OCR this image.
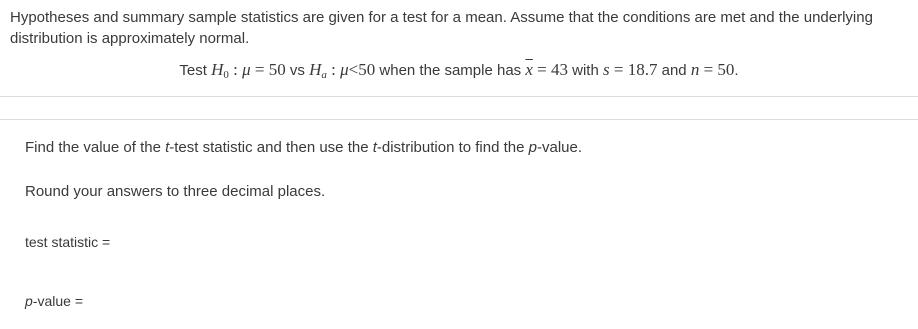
Hypotheses and summary sample statistics are given for a test for a mean. Assume that the conditions are met and the underlying distribution is approximately normal.
Test $H_0$ : μ = 50 vs $H_a$ : μ<50 when the sample has $\overline{x} = 43$ with s = 18.7 and n = 50.
Find the value of the t-test statistic and then use the t-distribution to find the p-value.
Round your answers to three decimal places.
test statistic =
p-value =
